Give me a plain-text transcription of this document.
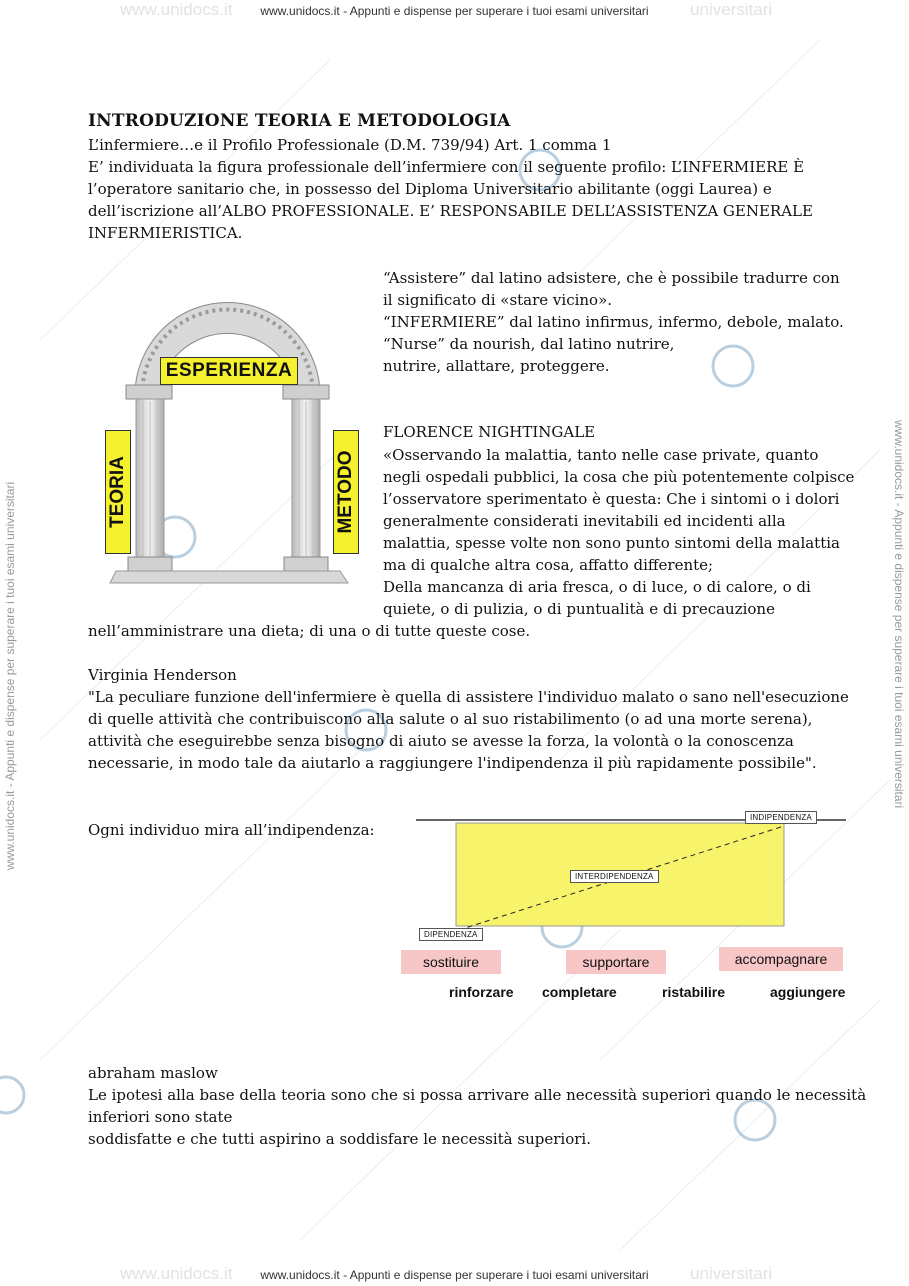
www.unidocs.it	universitari
www.unidocs.it - Appunti e dispense per superare i tuoi esami universitari
www.unidocs.it	universitari
www.unidocs.it - Appunti e dispense per superare i tuoi esami universitari
www.unidocs.it - Appunti e dispense per superare i tuoi esami universitari	www.unidocs.it - Appunti e dispense per superare i tuoi esami universitari
INTRODUZIONE TEORIA E METODOLOGIA
L’infermiere…e il Profilo Professionale (D.M. 739/94) Art. 1 comma 1
E’ individuata la figura professionale dell’infermiere con il seguente profilo: L’INFERMIERE È
l’operatore sanitario che, in possesso del Diploma Universitario abilitante (oggi Laurea) e
dell’iscrizione all’ALBO PROFESSIONALE. E’ RESPONSABILE DELL’ASSISTENZA GENERALE
INFERMIERISTICA.
ESPERIENZA
TEORIA	METODO
“Assistere” dal latino adsistere, che è possibile tradurre con
il significato di «stare vicino».
“INFERMIERE” dal latino infirmus, infermo, debole, malato.
“Nurse” da nourish, dal latino nutrire,
nutrire, allattare, proteggere.
FLORENCE NIGHTINGALE
«Osservando la malattia, tanto nelle case private, quanto
negli ospedali pubblici, la cosa che più potentemente colpisce
l’osservatore sperimentato è questa: Che i sintomi o i dolori
generalmente considerati inevitabili ed incidenti alla
malattia, spesse volte non sono punto sintomi della malattia
ma di qualche altra cosa, affatto differente;
Della mancanza di aria fresca, o di luce, o di calore, o di
quiete, o di pulizia, o di puntualità e di precauzione
nell’amministrare una dieta; di una o di tutte queste cose.
Virginia Henderson
"La peculiare funzione dell'infermiere è quella di assistere l'individuo malato o sano nell'esecuzione
di quelle attività che contribuiscono alla salute o al suo ristabilimento (o ad una morte serena),
attività che eseguirebbe senza bisogno di aiuto se avesse la forza, la volontà o la conoscenza
necessarie, in modo tale da aiutarlo a raggiungere l'indipendenza il più rapidamente possibile".
Ogni individuo mira all’indipendenza:
INDIPENDENZA
INTERDIPENDENZA
DIPENDENZA
sostituire	supportare	accompagnare
rinforzare completare	ristabilire	aggiungere
abraham maslow
Le ipotesi alla base della teoria sono che si possa arrivare alle necessità superiori quando le necessità
inferiori sono state
soddisfatte e che tutti aspirino a soddisfare le necessità superiori.
